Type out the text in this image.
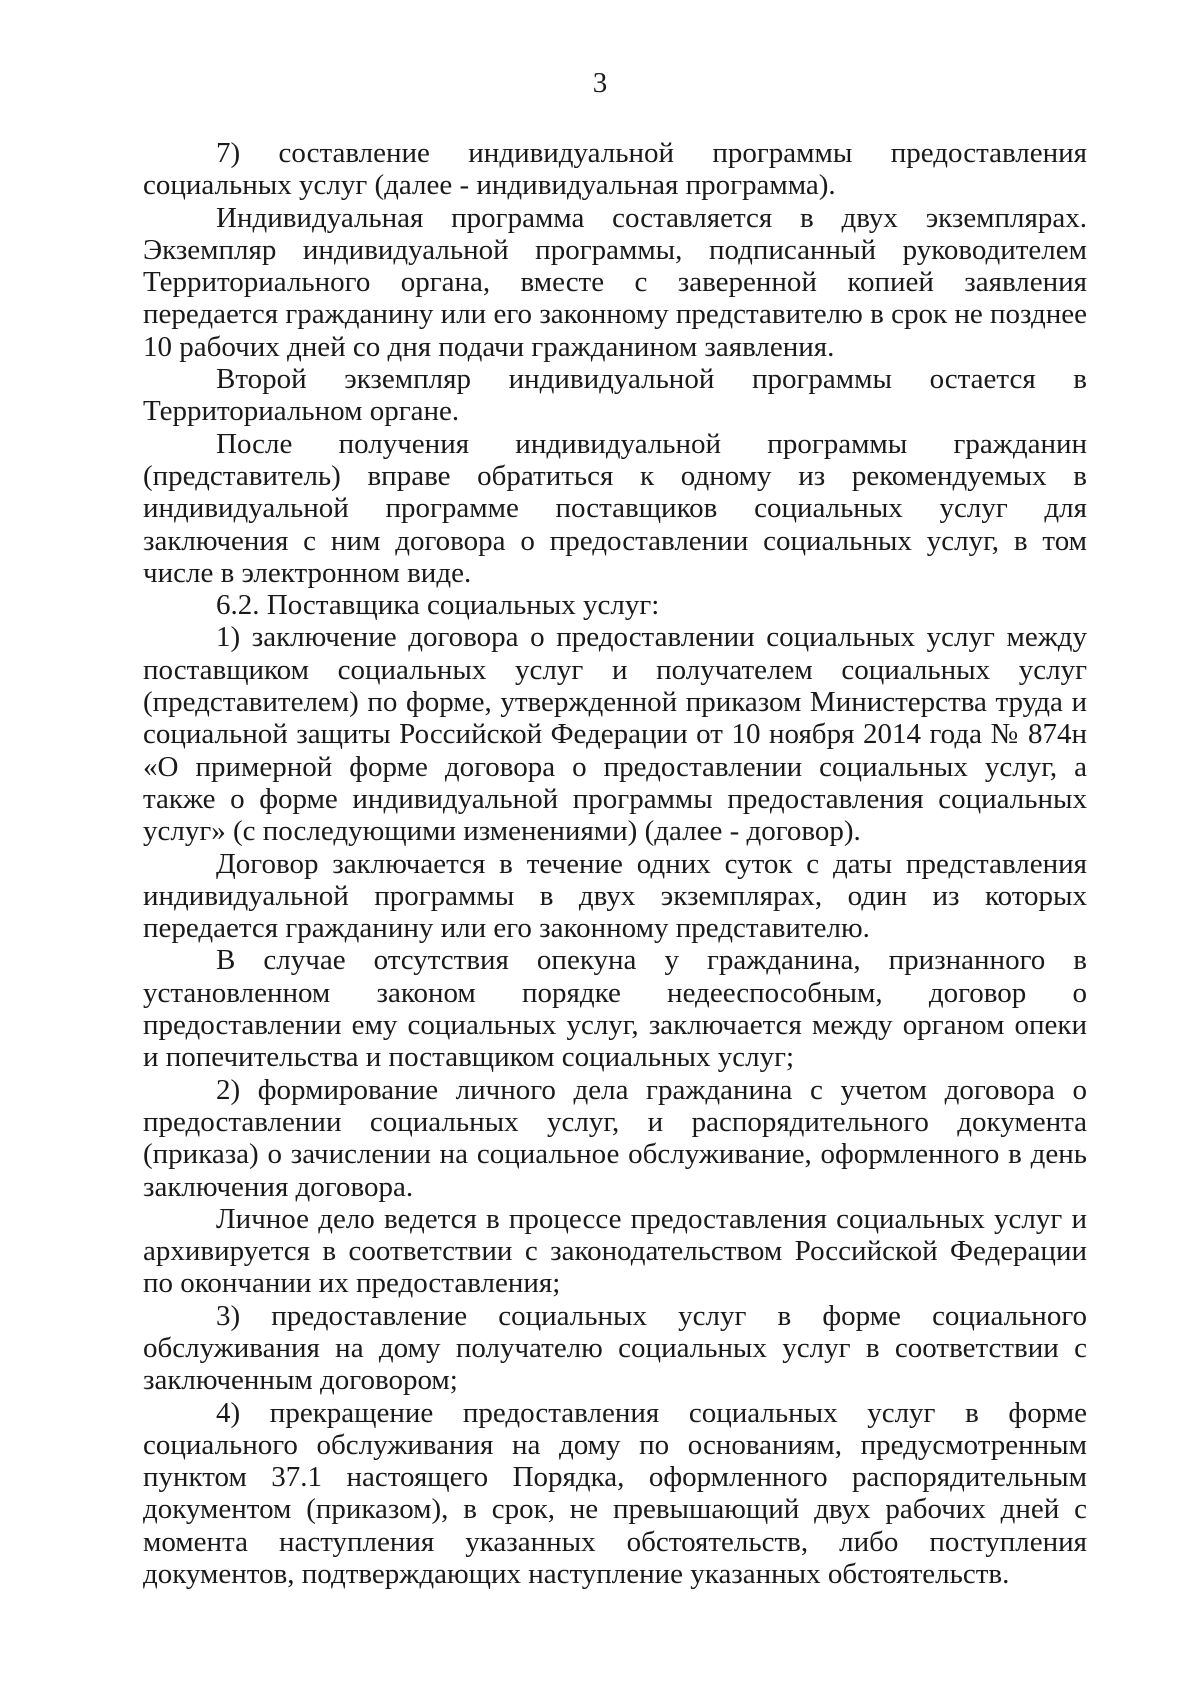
3

7) составление индивидуальной программы предоставления социальных услуг (далее - индивидуальная программа).

Индивидуальная программа составляется в двух экземплярах. Экземпляр индивидуальной программы, подписанный руководителем Территориального органа, вместе с заверенной копией заявления передается гражданину или его законному представителю в срок не позднее 10 рабочих дней со дня подачи гражданином заявления.

Второй экземпляр индивидуальной программы остается в Территориальном органе.

После получения индивидуальной программы гражданин (представитель) вправе обратиться к одному из рекомендуемых в индивидуальной программе поставщиков социальных услуг для заключения с ним договора о предоставлении социальных услуг, в том числе в электронном виде.

6.2. Поставщика социальных услуг:

1) заключение договора о предоставлении социальных услуг между поставщиком социальных услуг и получателем социальных услуг (представителем) по форме, утвержденной приказом Министерства труда и социальной защиты Российской Федерации от 10 ноября 2014 года № 874н «О примерной форме договора о предоставлении социальных услуг, а также о форме индивидуальной программы предоставления социальных услуг» (с последующими изменениями) (далее - договор).

Договор заключается в течение одних суток с даты представления индивидуальной программы в двух экземплярах, один из которых передается гражданину или его законному представителю.

В случае отсутствия опекуна у гражданина, признанного в установленном законом порядке недееспособным, договор о предоставлении ему социальных услуг, заключается между органом опеки и попечительства и поставщиком социальных услуг;

2) формирование личного дела гражданина с учетом договора о предоставлении социальных услуг, и распорядительного документа (приказа) о зачислении на социальное обслуживание, оформленного в день заключения договора.

Личное дело ведется в процессе предоставления социальных услуг и архивируется в соответствии с законодательством Российской Федерации по окончании их предоставления;

3) предоставление социальных услуг в форме социального обслуживания на дому получателю социальных услуг в соответствии с заключенным договором;

4) прекращение предоставления социальных услуг в форме социального обслуживания на дому по основаниям, предусмотренным пунктом 37.1 настоящего Порядка, оформленного распорядительным документом (приказом), в срок, не превышающий двух рабочих дней с момента наступления указанных обстоятельств, либо поступления документов, подтверждающих наступление указанных обстоятельств.
